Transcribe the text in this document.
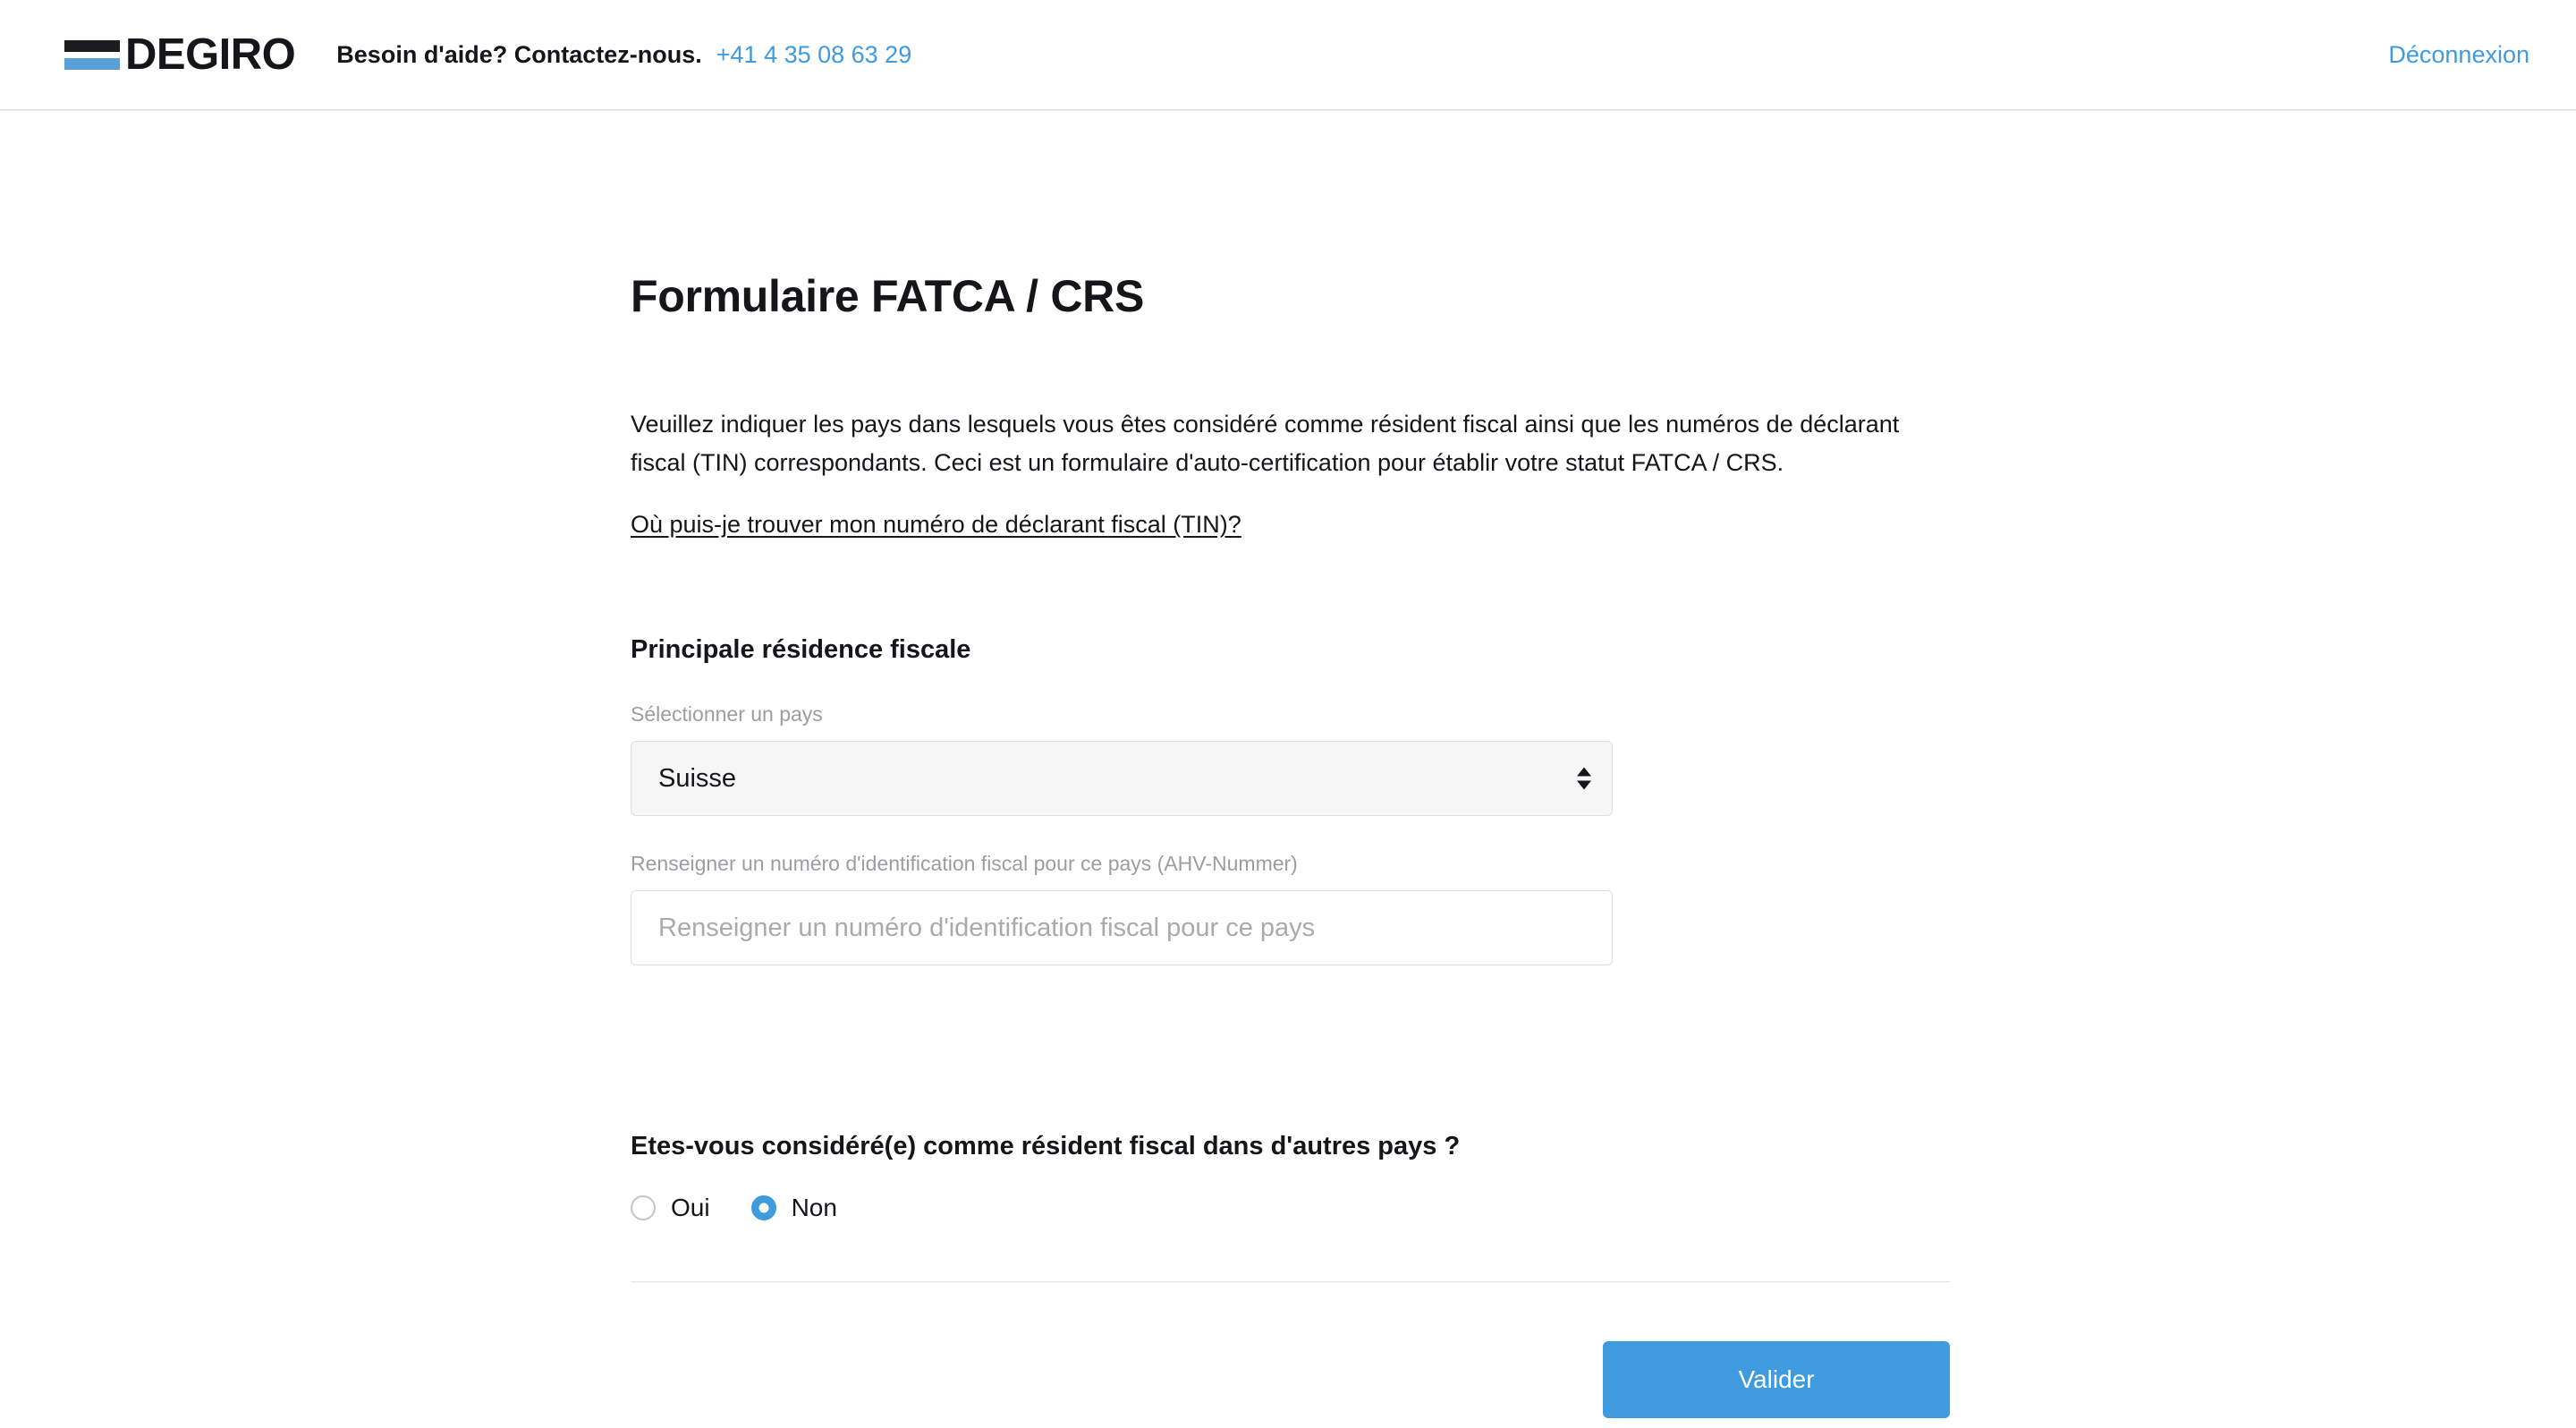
DEGIRO Besoin d'aide? Contactez-nous. +41 4 35 08 63 29	Déconnexion
Formulaire FATCA / CRS

Veuillez indiquer les pays dans lesquels vous êtes considéré comme résident fiscal ainsi que les numéros de déclarant fiscal (TIN) correspondants. Ceci est un formulaire d'auto-certification pour établir votre statut FATCA / CRS.

Où puis-je trouver mon numéro de déclarant fiscal (TIN)?
Principale résidence fiscale
Sélectionner un pays
Suisse
Renseigner un numéro d'identification fiscal pour ce pays (AHV-Nummer)
Renseigner un numéro d'identification fiscal pour ce pays
Etes-vous considéré(e) comme résident fiscal dans d'autres pays ?
Oui	Non
Valider
